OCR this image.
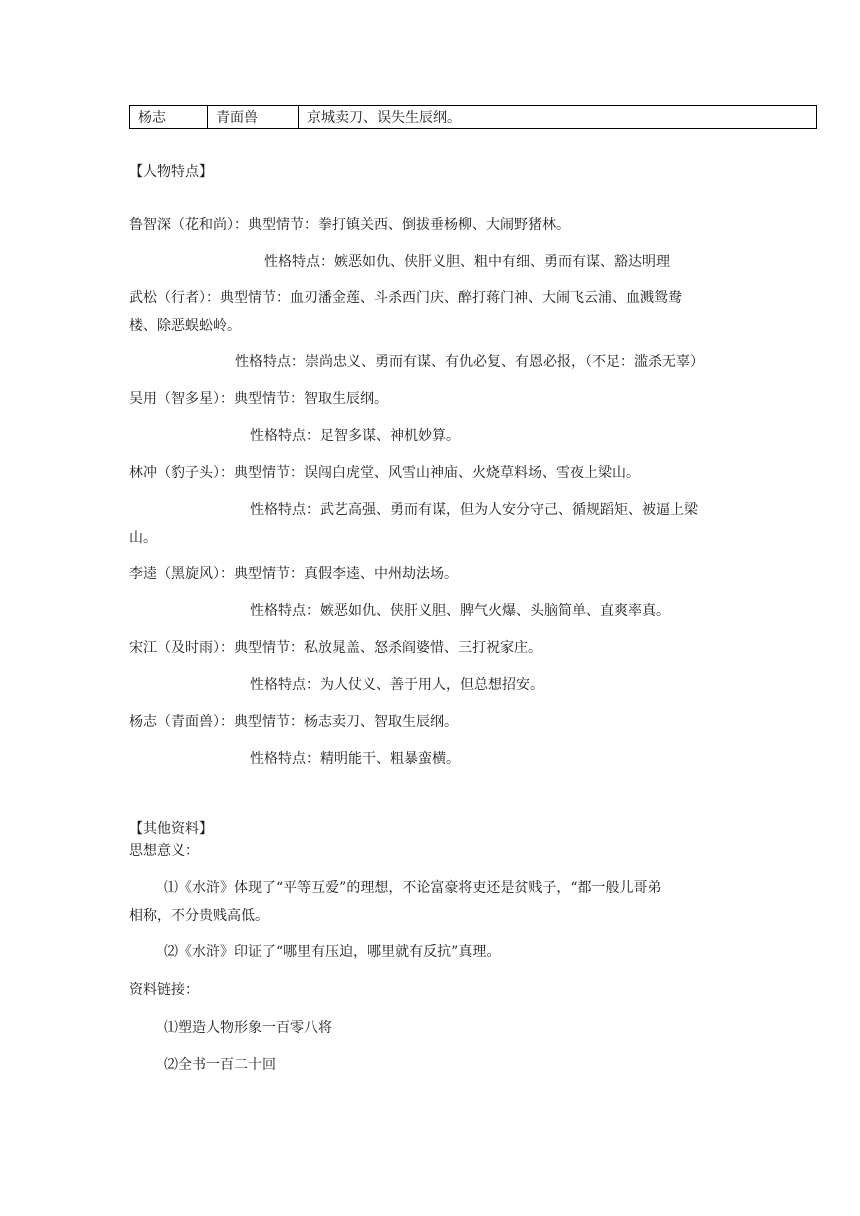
杨志	青面兽	京城卖刀、误失生辰纲。
【人物特点】
鲁智深（花和尚）：典型情节：拳打镇关西、倒拔垂杨柳、大闹野猪林。
性格特点：嫉恶如仇、侠肝义胆、粗中有细、勇而有谋、豁达明理
武松（行者）：典型情节：血刃潘金莲、斗杀西门庆、醉打蒋门神、大闹飞云浦、血溅鸳鸯
楼、除恶蜈蚣岭。
性格特点：崇尚忠义、勇而有谋、有仇必复、有恩必报，（不足：滥杀无辜）
吴用（智多星）：典型情节：智取生辰纲。
性格特点：足智多谋、神机妙算。
林冲（豹子头）：典型情节：误闯白虎堂、风雪山神庙、火烧草料场、雪夜上梁山。
性格特点：武艺高强、勇而有谋，但为人安分守己、循规蹈矩、被逼上梁
山。
李逵（黑旋风）：典型情节：真假李逵、中州劫法场。
性格特点：嫉恶如仇、侠肝义胆、脾气火爆、头脑简单、直爽率真。
宋江（及时雨）：典型情节：私放晁盖、怒杀阎婆惜、三打祝家庄。
性格特点：为人仗义、善于用人，但总想招安。
杨志（青面兽）：典型情节：杨志卖刀、智取生辰纲。
性格特点：精明能干、粗暴蛮横。
【其他资料】
思想意义：
⑴《水浒》体现了“平等互爱”的理想，不论富豪将吏还是贫贱子，“都一般儿哥弟
相称，不分贵贱高低。
⑵《水浒》印证了“哪里有压迫，哪里就有反抗”真理。
资料链接：
⑴塑造人物形象一百零八将
⑵全书一百二十回
